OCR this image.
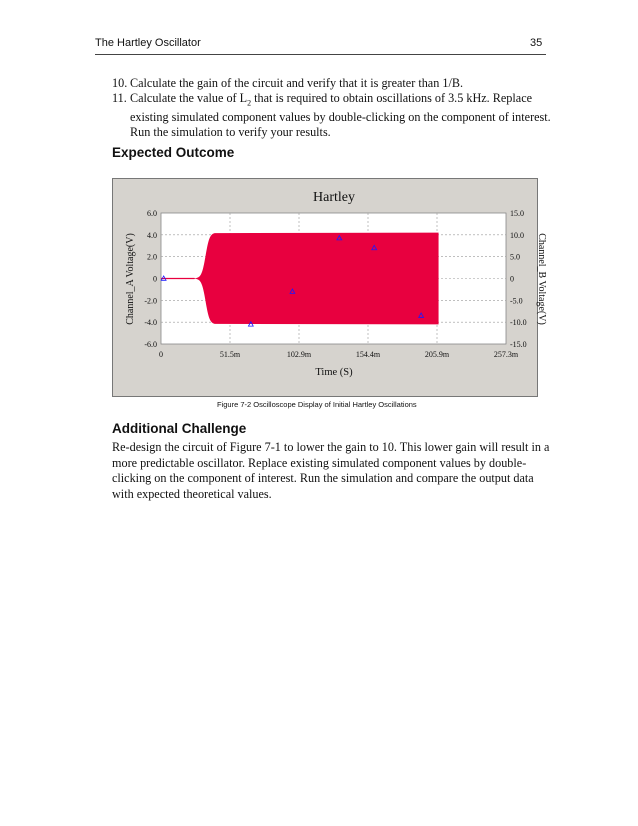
The Hartley Oscillator	35
10. Calculate the gain of the circuit and verify that it is greater than 1/B.
11. Calculate the value of $L_2$ that is required to obtain oscillations of 3.5 kHz. Replace existing simulated component values by double-clicking on the component of interest. Run the simulation to verify your results.
Expected Outcome
Hartley
6.0
4.0
2.0
0
-2.0
-4.0
-6.0
15.0
10.0
5.0
0
-5.0
-10.0
-15.0
0	51.5m	102.9m	154.4m	205.9m	257.3m
Channel_A Voltage(V)	Channel_B Voltage(V)
Time (S)
Figure 7-2 Oscilloscope Display of Initial Hartley Oscillations
Additional Challenge
Re-design the circuit of Figure 7-1 to lower the gain to 10. This lower gain will result in a more predictable oscillator. Replace existing simulated component values by double-clicking on the component of interest. Run the simulation and compare the output data with expected theoretical values.
